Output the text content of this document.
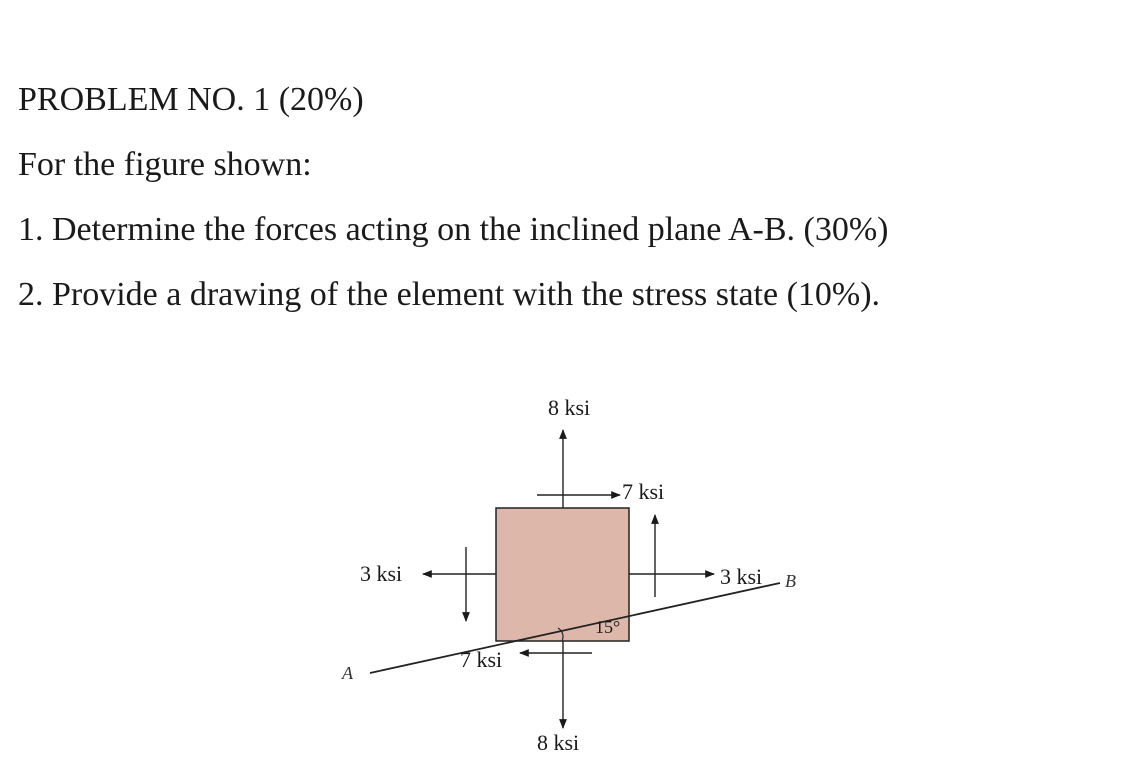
PROBLEM NO. 1 (20%)
For the figure shown:
1. Determine the forces acting on the inclined plane A-B. (30%)
2. Provide a drawing of the element with the stress state (10%).
8 ksi
7 ksi
3 ksi	3 ksi
7 ksi
8 ksi
15°
A
B
